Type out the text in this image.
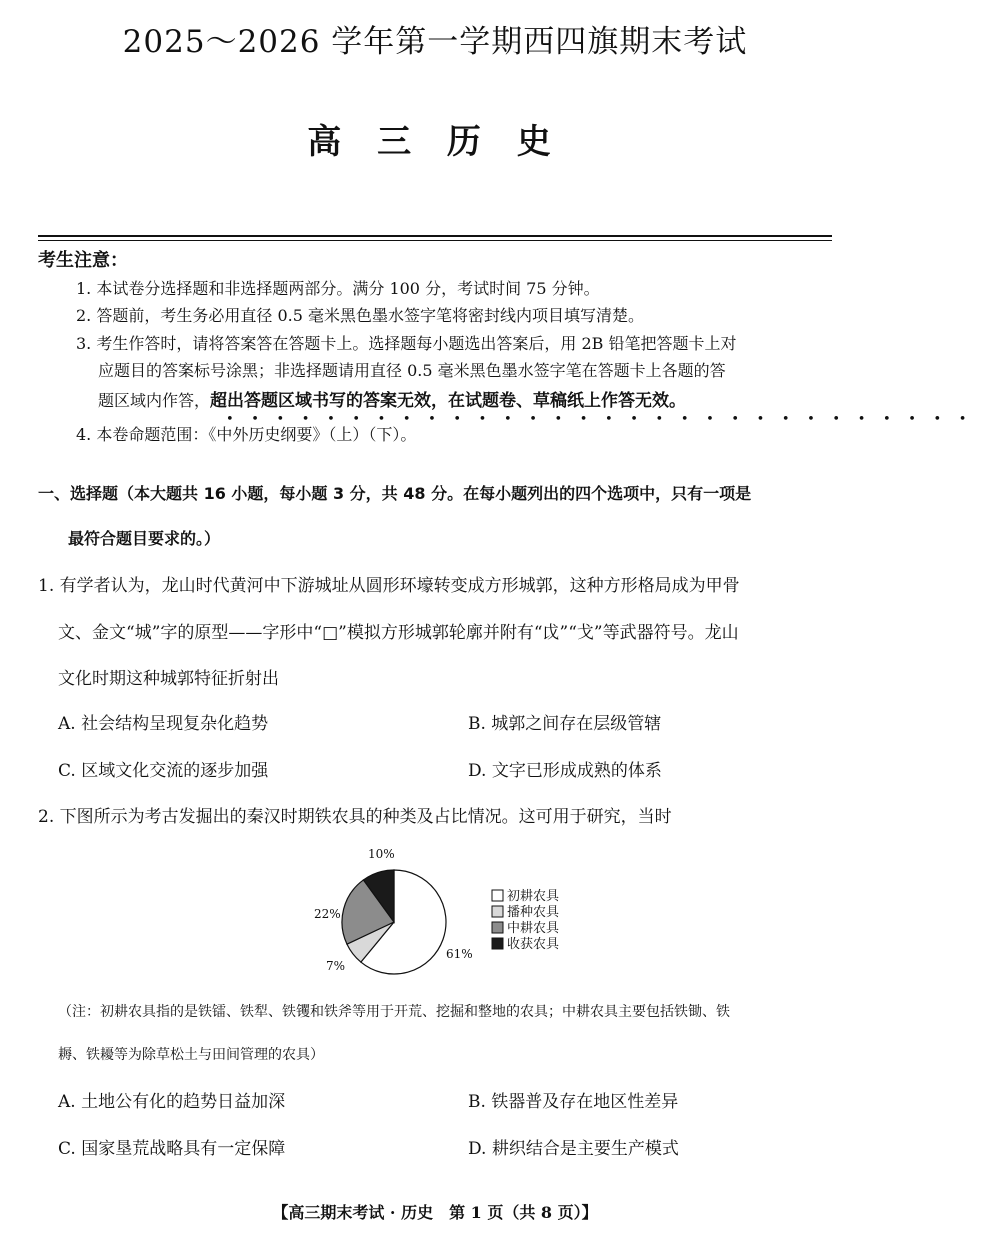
2025～2026 学年第一学期西四旗期末考试
高 三 历 史
考生注意：
1. 本试卷分选择题和非选择题两部分。满分 100 分，考试时间 75 分钟。
2. 答题前，考生务必用直径 0.5 毫米黑色墨水签字笔将密封线内项目填写清楚。
3. 考生作答时，请将答案答在答题卡上。选择题每小题选出答案后，用 2B 铅笔把答题卡上对
应题目的答案标号涂黑；非选择题请用直径 0.5 毫米黑色墨水签字笔在答题卡上各题的答
题区域内作答，超出答题区域书写的答案无效，在试题卷、草稿纸上作答无效。
••••••••••••••••••••••••••••••
4. 本卷命题范围：《中外历史纲要》（上）（下）。
一、选择题（本大题共 16 小题，每小题 3 分，共 48 分。在每小题列出的四个选项中，只有一项是
最符合题目要求的。）
1. 有学者认为，龙山时代黄河中下游城址从圆形环壕转变成方形城郭，这种方形格局成为甲骨
文、金文“城”字的原型——字形中“□”模拟方形城郭轮廓并附有“戉”“戈”等武器符号。龙山
文化时期这种城郭特征折射出
A. 社会结构呈现复杂化趋势	B. 城郭之间存在层级管辖
C. 区域文化交流的逐步加强	D. 文字已形成成熟的体系
2. 下图所示为考古发掘出的秦汉时期铁农具的种类及占比情况。这可用于研究，当时
61%
7%
22%
10%
初耕农具
播种农具
中耕农具
收获农具
（注：初耕农具指的是铁镭、铁犁、铁䦆和铁斧等用于开荒、挖掘和整地的农具；中耕农具主要包括铁锄、铁
耨、铁耰等为除草松土与田间管理的农具）
A. 土地公有化的趋势日益加深	B. 铁器普及存在地区性差异
C. 国家垦荒战略具有一定保障	D. 耕织结合是主要生产模式
【高三期末考试 · 历史　第 1 页（共 8 页）】
